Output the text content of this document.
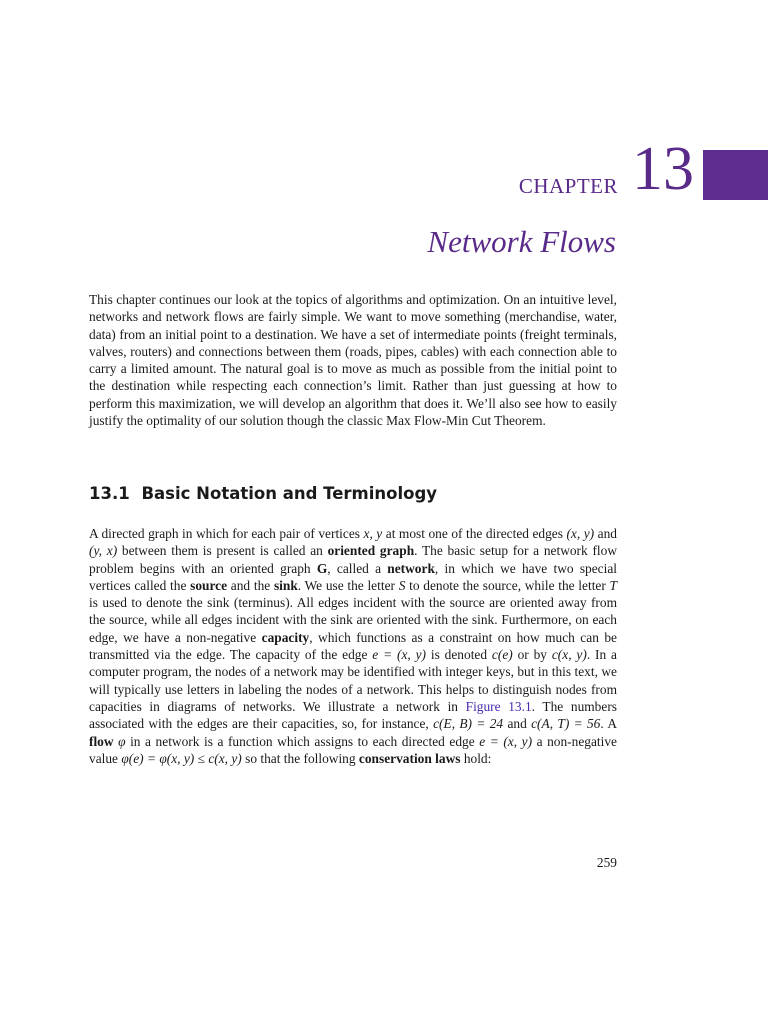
CHAPTER 13
Network Flows

This chapter continues our look at the topics of algorithms and optimization. On an intuitive level, networks and network flows are fairly simple. We want to move something (merchandise, water, data) from an initial point to a destination. We have a set of intermediate points (freight terminals, valves, routers) and connections between them (roads, pipes, cables) with each connection able to carry a limited amount. The natural goal is to move as much as possible from the initial point to the destination while respecting each connection’s limit. Rather than just guessing at how to perform this maximization, we will develop an algorithm that does it. We’ll also see how to easily justify the optimality of our solution though the classic Max Flow-Min Cut Theorem.

13.1 Basic Notation and Terminology

A directed graph in which for each pair of vertices x, y at most one of the directed edges (x, y) and (y, x) between them is present is called an oriented graph. The basic setup for a network flow problem begins with an oriented graph G, called a network, in which we have two special vertices called the source and the sink. We use the letter S to denote the source, while the letter T is used to denote the sink (terminus). All edges incident with the source are oriented away from the source, while all edges incident with the sink are oriented with the sink. Furthermore, on each edge, we have a non-negative capacity, which functions as a constraint on how much can be transmitted via the edge. The capacity of the edge e = (x, y) is denoted c(e) or by c(x, y). In a computer program, the nodes of a network may be identified with integer keys, but in this text, we will typically use letters in labeling the nodes of a network. This helps to distinguish nodes from capacities in diagrams of networks. We illustrate a network in Figure 13.1. The numbers associated with the edges are their capacities, so, for instance, c(E, B) = 24 and c(A, T) = 56. A flow φ in a network is a function which assigns to each directed edge e = (x, y) a non-negative value φ(e) = φ(x, y) ≤ c(x, y) so that the following conservation laws hold:

259
